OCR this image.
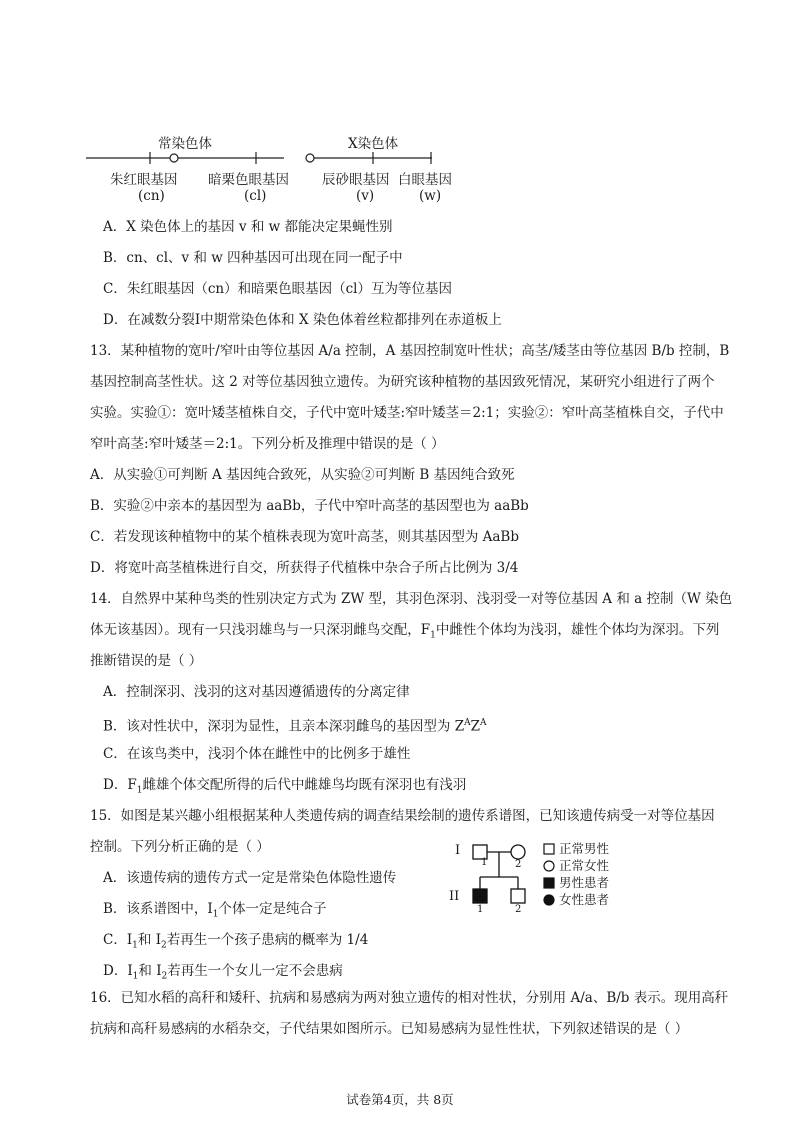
常染色体	X染色体
朱红眼基因
(cn)
暗栗色眼基因
(cl)
辰砂眼基因
(v)
白眼基因
(w)
A．X 染色体上的基因 v 和 w 都能决定果蝇性别
B．cn、cl、v 和 w 四种基因可出现在同一配子中
C．朱红眼基因（cn）和暗栗色眼基因（cl）互为等位基因
D．在减数分裂Ⅰ中期常染色体和 X 染色体着丝粒都排列在赤道板上
13．某种植物的宽叶/窄叶由等位基因 A/a 控制，A 基因控制宽叶性状；高茎/矮茎由等位基因 B/b 控制，B
基因控制高茎性状。这 2 对等位基因独立遗传。为研究该种植物的基因致死情况，某研究小组进行了两个
实验。实验①：宽叶矮茎植株自交，子代中宽叶矮茎:窄叶矮茎＝2:1；实验②：窄叶高茎植株自交，子代中
窄叶高茎:窄叶矮茎＝2:1。下列分析及推理中错误的是（ ）
A．从实验①可判断 A 基因纯合致死，从实验②可判断 B 基因纯合致死
B．实验②中亲本的基因型为 aaBb，子代中窄叶高茎的基因型也为 aaBb
C．若发现该种植物中的某个植株表现为宽叶高茎，则其基因型为 AaBb
D．将宽叶高茎植株进行自交，所获得子代植株中杂合子所占比例为 3/4
14．自然界中某种鸟类的性别决定方式为 ZW 型，其羽色深羽、浅羽受一对等位基因 A 和 a 控制（W 染色
体无该基因）。现有一只浅羽雄鸟与一只深羽雌鸟交配，$F_1$中雌性个体均为浅羽，雄性个体均为深羽。下列
推断错误的是（ ）
A．控制深羽、浅羽的这对基因遵循遗传的分离定律
B．该对性状中，深羽为显性，且亲本深羽雌鸟的基因型为 $Z^AZ^A$
C．在该鸟类中，浅羽个体在雌性中的比例多于雄性
D．$F_1$雌雄个体交配所得的后代中雌雄鸟均既有深羽也有浅羽
15．如图是某兴趣小组根据某种人类遗传病的调查结果绘制的遗传系谱图，已知该遗传病受一对等位基因
控制。下列分析正确的是（ ）
A．该遗传病的遗传方式一定是常染色体隐性遗传
B．该系谱图中，$I_1$个体一定是纯合子
C．$I_1$和 $I_2$若再生一个孩子患病的概率为 1/4
D．$I_1$和 $I_2$若再生一个女儿一定不会患病
I
1	2
II
1	2
正常男性
正常女性
男性患者
女性患者
16．已知水稻的高秆和矮秆、抗病和易感病为两对独立遗传的相对性状，分别用 A/a、B/b 表示。现用高秆
抗病和高秆易感病的水稻杂交，子代结果如图所示。已知易感病为显性性状，下列叙述错误的是（ ）
试卷第4页，共 8页
